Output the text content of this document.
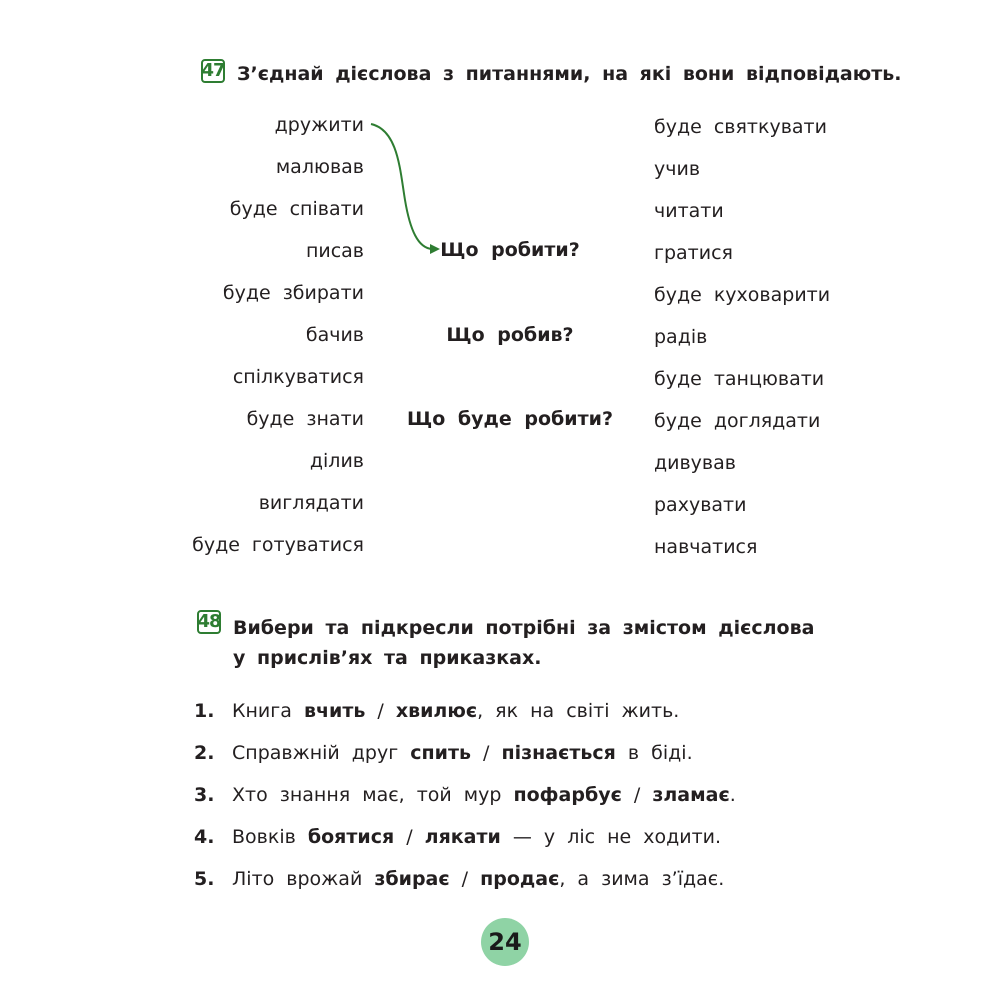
47 З’єднай дієслова з питаннями, на які вони відповідають.
дружити
малював
буде співати
писав
буде збирати
бачив
спілкуватися
буде знати
ділив
виглядати
буде готуватися
Що робити?
Що робив?
Що буде робити?
буде святкувати
учив
читати
гратися
буде куховарити
радів
буде танцювати
буде доглядати
дивував
рахувати
навчатися
48 Вибери та підкресли потрібні за змістом дієслова
у прислів’ях та приказках.
1. Книга вчить / хвилює , як на світі жить.
2. Справжній друг спить / пізнається в біді.
3. Хто знання має, той мур пофарбує / зламає .
4. Вовків боятися / лякати — у ліс не ходити.
5. Літо врожай збирає / продає , а зима з’їдає.
24
